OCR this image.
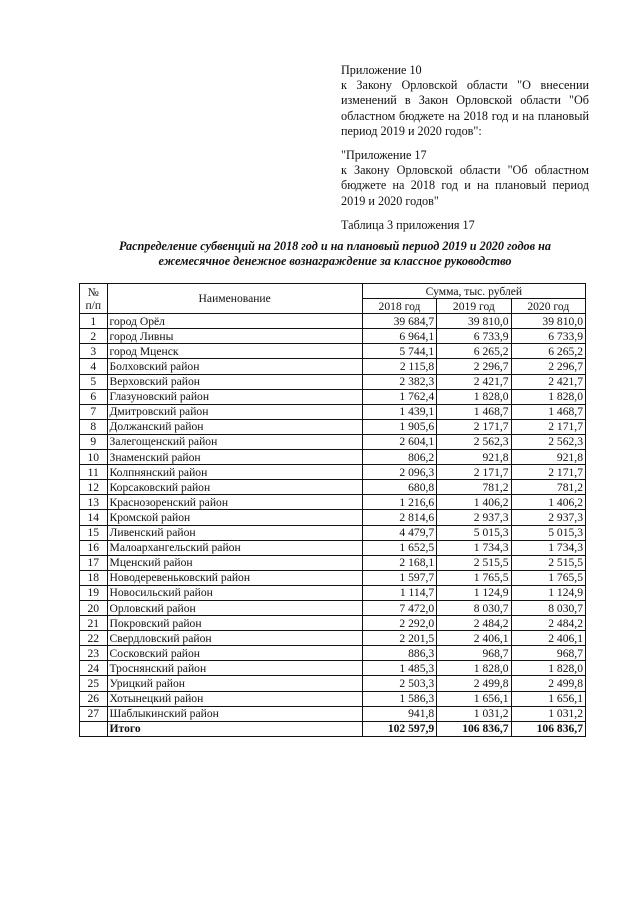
Приложение 10

к Закону Орловской области "О внесении изменений в Закон Орловской области "Об областном бюджете на 2018 год и на плановый период 2019 и 2020 годов":

"Приложение 17

к Закону Орловской области "Об областном бюджете на 2018 год и на плановый период 2019 и 2020 годов"

Таблица 3 приложения 17

Распределение субвенций на 2018 год и на плановый период 2019 и 2020 годов на
ежемесячное денежное вознаграждение за классное руководство
№
п/п	Наименование	Сумма, тыс. рублей		
		2018 год	2019 год	2020 год
1	город Орёл	39 684,7	39 810,0	39 810,0
2	город Ливны	6 964,1	6 733,9	6 733,9
3	город Мценск	5 744,1	6 265,2	6 265,2
4	Болховский район	2 115,8	2 296,7	2 296,7
5	Верховский район	2 382,3	2 421,7	2 421,7
6	Глазуновский район	1 762,4	1 828,0	1 828,0
7	Дмитровский район	1 439,1	1 468,7	1 468,7
8	Должанский район	1 905,6	2 171,7	2 171,7
9	Залегощенский район	2 604,1	2 562,3	2 562,3
10	Знаменский район	806,2	921,8	921,8
11	Колпнянский район	2 096,3	2 171,7	2 171,7
12	Корсаковский район	680,8	781,2	781,2
13	Краснозоренский район	1 216,6	1 406,2	1 406,2
14	Кромской район	2 814,6	2 937,3	2 937,3
15	Ливенский район	4 479,7	5 015,3	5 015,3
16	Малоархангельский район	1 652,5	1 734,3	1 734,3
17	Мценский район	2 168,1	2 515,5	2 515,5
18	Новодеревеньковский район	1 597,7	1 765,5	1 765,5
19	Новосильский район	1 114,7	1 124,9	1 124,9
20	Орловский район	7 472,0	8 030,7	8 030,7
21	Покровский район	2 292,0	2 484,2	2 484,2
22	Свердловский район	2 201,5	2 406,1	2 406,1
23	Сосковский район	886,3	968,7	968,7
24	Троснянский район	1 485,3	1 828,0	1 828,0
25	Урицкий район	2 503,3	2 499,8	2 499,8
26	Хотынецкий район	1 586,3	1 656,1	1 656,1
27	Шаблыкинский район	941,8	1 031,2	1 031,2
	Итого	102 597,9	106 836,7	106 836,7
